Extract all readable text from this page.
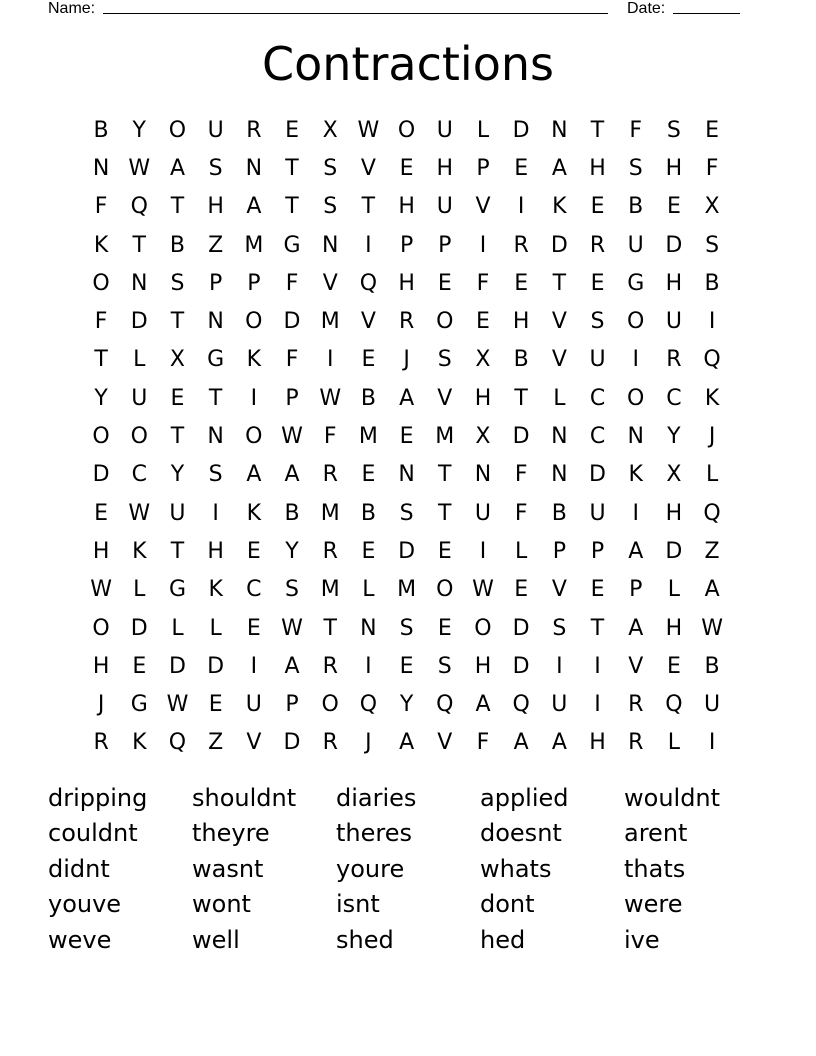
Name:	Date:
Contractions
B	Y	O U	R	E	X W O U	L	D N	T	F	S	E
N W A	S	N	T	S	V	E	H	P	E	A	H	S	H	F
F	Q	T	H	A	T	S	T	H U	V	I	K	E	B	E	X
K	T	B	Z M G N	I	P	P	I	R	D	R	U D	S
O N	S	P	P	F	V Q H	E	F	E	T	E	G H	B
F	D	T	N O D M V	R O	E	H	V	S	O U	I
T	L	X	G	K	F	I	E	J	S	X	B	V	U	I	R Q
Y	U	E	T	I	P W B	A	V	H	T	L	C O C	K
O O	T	N O W F	M E M X	D N	C	N	Y	J
D	C	Y	S	A	A	R	E	N	T	N	F	N D	K	X	L
E W U	I	K	B M B	S	T	U	F	B	U	I	H Q
H	K	T	H	E	Y	R	E	D	E	I	L	P	P	A	D	Z
W L	G	K	C	S M	L	M O W E	V	E	P	L	A
O D	L	L	E W T	N	S	E	O D	S	T	A	H W
H	E	D D	I	A	R	I	E	S	H D	I	I	V	E	B
J	G W E	U	P	O Q	Y	Q	A Q U	I	R Q U
R	K	Q Z	V	D	R	J	A	V	F	A	A	H	R	L	I
dripping	shouldnt	diaries	applied	wouldnt
couldnt	theyre	theres	doesnt	arent
didnt	wasnt	youre	whats	thats
youve	wont	isnt	dont	were
weve	well	shed	hed	ive
